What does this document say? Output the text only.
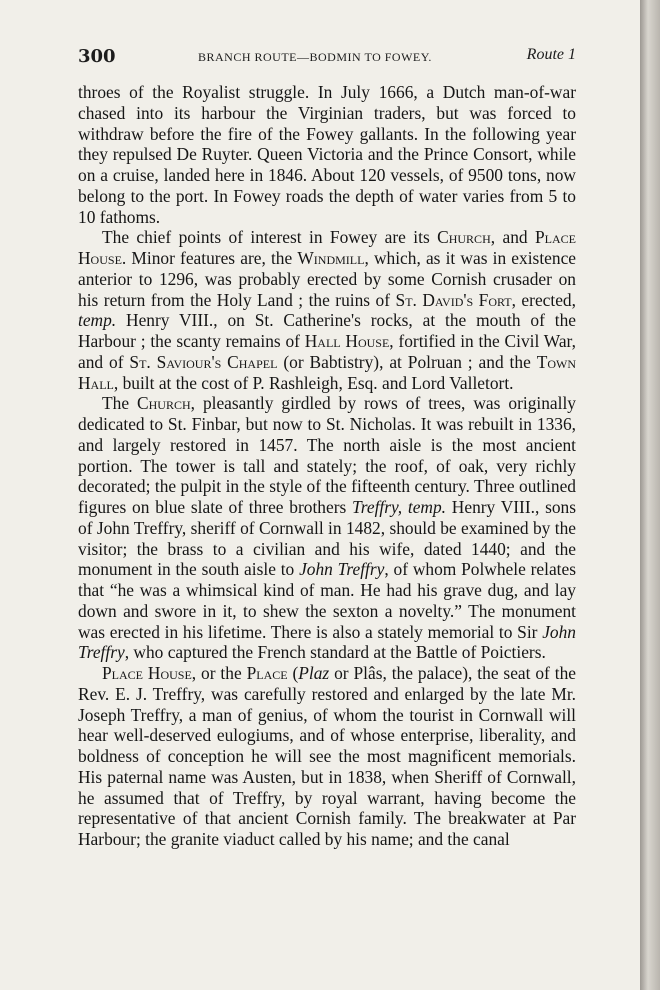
300	BRANCH ROUTE—BODMIN TO FOWEY.	Route 1

throes of the Royalist struggle. In July 1666, a Dutch man-of-war chased into its harbour the Virginian traders, but was forced to withdraw before the fire of the Fowey gallants. In the following year they repulsed De Ruyter. Queen Victoria and the Prince Consort, while on a cruise, landed here in 1846. About 120 vessels, of 9500 tons, now belong to the port. In Fowey roads the depth of water varies from 5 to 10 fathoms.

The chief points of interest in Fowey are its Church, and Place House. Minor features are, the Windmill, which, as it was in existence anterior to 1296, was probably erected by some Cornish crusader on his return from the Holy Land ; the ruins of St. David's Fort, erected, temp. Henry VIII., on St. Catherine's rocks, at the mouth of the Harbour ; the scanty remains of Hall House, fortified in the Civil War, and of St. Saviour's Chapel (or Babtistry), at Polruan ; and the Town Hall, built at the cost of P. Rashleigh, Esq. and Lord Valletort.

The Church, pleasantly girdled by rows of trees, was originally dedicated to St. Finbar, but now to St. Nicholas. It was rebuilt in 1336, and largely restored in 1457. The north aisle is the most ancient portion. The tower is tall and stately; the roof, of oak, very richly decorated; the pulpit in the style of the fifteenth century. Three outlined figures on blue slate of three brothers Treffry, temp. Henry VIII., sons of John Treffry, sheriff of Cornwall in 1482, should be examined by the visitor; the brass to a civilian and his wife, dated 1440; and the monument in the south aisle to John Treffry, of whom Polwhele relates that “he was a whimsical kind of man. He had his grave dug, and lay down and swore in it, to shew the sexton a novelty.” The monument was erected in his lifetime. There is also a stately memorial to Sir John Treffry, who captured the French standard at the Battle of Poictiers.

Place House, or the Place (Plaz or Plâs, the palace), the seat of the Rev. E. J. Treffry, was carefully restored and enlarged by the late Mr. Joseph Treffry, a man of genius, of whom the tourist in Cornwall will hear well-deserved eulogiums, and of whose enterprise, liberality, and boldness of conception he will see the most magnificent memorials. His paternal name was Austen, but in 1838, when Sheriff of Cornwall, he assumed that of Treffry, by royal warrant, having become the representative of that ancient Cornish family. The breakwater at Par Harbour; the granite viaduct called by his name; and the canal
